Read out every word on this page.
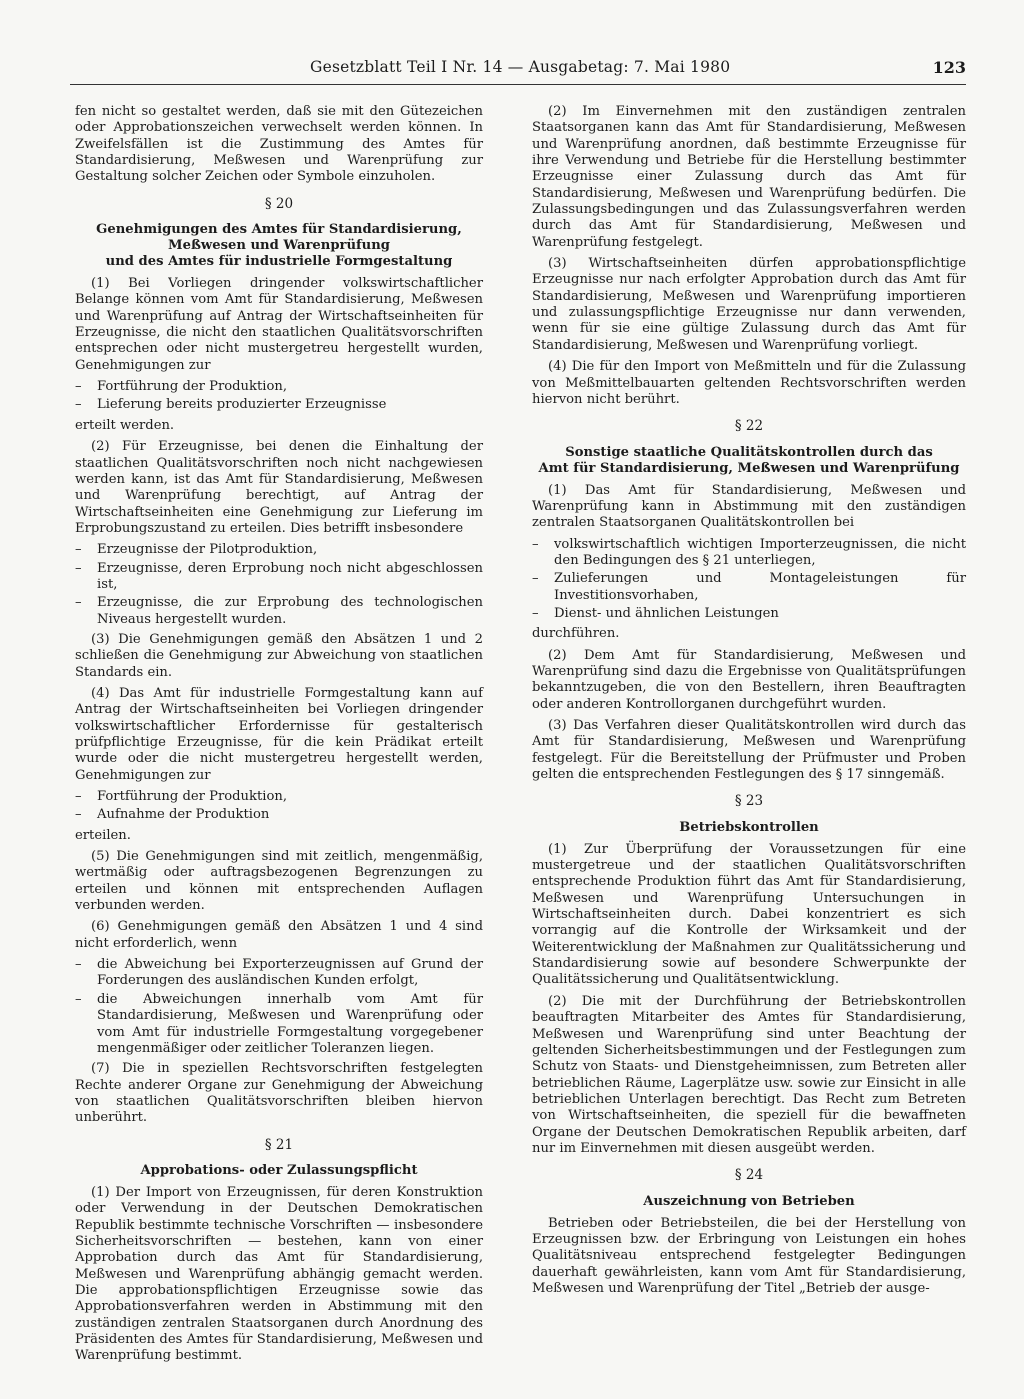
Gesetzblatt Teil I Nr. 14 — Ausgabetag: 7. Mai 1980	123

fen nicht so gestaltet werden, daß sie mit den Gütezeichen oder Approbationszeichen verwechselt werden können. In Zweifelsfällen ist die Zustimmung des Amtes für Standardisierung, Meßwesen und Warenprüfung zur Gestaltung solcher Zeichen oder Symbole einzuholen.

§ 20
Genehmigungen des Amtes für Standardisierung,
Meßwesen und Warenprüfung
und des Amtes für industrielle Formgestaltung

(1) Bei Vorliegen dringender volkswirtschaftlicher Belange können vom Amt für Standardisierung, Meßwesen und Warenprüfung auf Antrag der Wirtschaftseinheiten für Erzeugnisse, die nicht den staatlichen Qualitätsvorschriften entsprechen oder nicht mustergetreu hergestellt wurden, Genehmigungen zur

– Fortführung der Produktion,
– Lieferung bereits produzierter Erzeugnisse

erteilt werden.

(2) Für Erzeugnisse, bei denen die Einhaltung der staatlichen Qualitätsvorschriften noch nicht nachgewiesen werden kann, ist das Amt für Standardisierung, Meßwesen und Warenprüfung berechtigt, auf Antrag der Wirtschaftseinheiten eine Genehmigung zur Lieferung im Erprobungszustand zu erteilen. Dies betrifft insbesondere

– Erzeugnisse der Pilotproduktion,
– Erzeugnisse, deren Erprobung noch nicht abgeschlossen ist,
– Erzeugnisse, die zur Erprobung des technologischen Niveaus hergestellt wurden.

(3) Die Genehmigungen gemäß den Absätzen 1 und 2 schließen die Genehmigung zur Abweichung von staatlichen Standards ein.

(4) Das Amt für industrielle Formgestaltung kann auf Antrag der Wirtschaftseinheiten bei Vorliegen dringender volkswirtschaftlicher Erfordernisse für gestalterisch prüfpflichtige Erzeugnisse, für die kein Prädikat erteilt wurde oder die nicht mustergetreu hergestellt werden, Genehmigungen zur

– Fortführung der Produktion,
– Aufnahme der Produktion

erteilen.

(5) Die Genehmigungen sind mit zeitlich, mengenmäßig, wertmäßig oder auftragsbezogenen Begrenzungen zu erteilen und können mit entsprechenden Auflagen verbunden werden.

(6) Genehmigungen gemäß den Absätzen 1 und 4 sind nicht erforderlich, wenn

– die Abweichung bei Exporterzeugnissen auf Grund der Forderungen des ausländischen Kunden erfolgt,
– die Abweichungen innerhalb vom Amt für Standardisierung, Meßwesen und Warenprüfung oder vom Amt für industrielle Formgestaltung vorgegebener mengenmäßiger oder zeitlicher Toleranzen liegen.

(7) Die in speziellen Rechtsvorschriften festgelegten Rechte anderer Organe zur Genehmigung der Abweichung von staatlichen Qualitätsvorschriften bleiben hiervon unberührt.

§ 21
Approbations- oder Zulassungspflicht

(1) Der Import von Erzeugnissen, für deren Konstruktion oder Verwendung in der Deutschen Demokratischen Republik bestimmte technische Vorschriften — insbesondere Sicherheitsvorschriften — bestehen, kann von einer Approbation durch das Amt für Standardisierung, Meßwesen und Warenprüfung abhängig gemacht werden. Die approbationspflichtigen Erzeugnisse sowie das Approbationsverfahren werden in Abstimmung mit den zuständigen zentralen Staatsorganen durch Anordnung des Präsidenten des Amtes für Standardisierung, Meßwesen und Warenprüfung bestimmt.

(2) Im Einvernehmen mit den zuständigen zentralen Staatsorganen kann das Amt für Standardisierung, Meßwesen und Warenprüfung anordnen, daß bestimmte Erzeugnisse für ihre Verwendung und Betriebe für die Herstellung bestimmter Erzeugnisse einer Zulassung durch das Amt für Standardisierung, Meßwesen und Warenprüfung bedürfen. Die Zulassungsbedingungen und das Zulassungsverfahren werden durch das Amt für Standardisierung, Meßwesen und Warenprüfung festgelegt.

(3) Wirtschaftseinheiten dürfen approbationspflichtige Erzeugnisse nur nach erfolgter Approbation durch das Amt für Standardisierung, Meßwesen und Warenprüfung importieren und zulassungspflichtige Erzeugnisse nur dann verwenden, wenn für sie eine gültige Zulassung durch das Amt für Standardisierung, Meßwesen und Warenprüfung vorliegt.

(4) Die für den Import von Meßmitteln und für die Zulassung von Meßmittelbauarten geltenden Rechtsvorschriften werden hiervon nicht berührt.

§ 22
Sonstige staatliche Qualitätskontrollen durch das
Amt für Standardisierung, Meßwesen und Warenprüfung

(1) Das Amt für Standardisierung, Meßwesen und Warenprüfung kann in Abstimmung mit den zuständigen zentralen Staatsorganen Qualitätskontrollen bei

– volkswirtschaftlich wichtigen Importerzeugnissen, die nicht den Bedingungen des § 21 unterliegen,
– Zulieferungen und Montageleistungen für Investitionsvorhaben,
– Dienst- und ähnlichen Leistungen

durchführen.

(2) Dem Amt für Standardisierung, Meßwesen und Warenprüfung sind dazu die Ergebnisse von Qualitätsprüfungen bekanntzugeben, die von den Bestellern, ihren Beauftragten oder anderen Kontrollorganen durchgeführt wurden.

(3) Das Verfahren dieser Qualitätskontrollen wird durch das Amt für Standardisierung, Meßwesen und Warenprüfung festgelegt. Für die Bereitstellung der Prüfmuster und Proben gelten die entsprechenden Festlegungen des § 17 sinngemäß.

§ 23
Betriebskontrollen

(1) Zur Überprüfung der Voraussetzungen für eine mustergetreue und der staatlichen Qualitätsvorschriften entsprechende Produktion führt das Amt für Standardisierung, Meßwesen und Warenprüfung Untersuchungen in Wirtschaftseinheiten durch. Dabei konzentriert es sich vorrangig auf die Kontrolle der Wirksamkeit und der Weiterentwicklung der Maßnahmen zur Qualitätssicherung und Standardisierung sowie auf besondere Schwerpunkte der Qualitätssicherung und Qualitätsentwicklung.

(2) Die mit der Durchführung der Betriebskontrollen beauftragten Mitarbeiter des Amtes für Standardisierung, Meßwesen und Warenprüfung sind unter Beachtung der geltenden Sicherheitsbestimmungen und der Festlegungen zum Schutz von Staats- und Dienstgeheimnissen, zum Betreten aller betrieblichen Räume, Lagerplätze usw. sowie zur Einsicht in alle betrieblichen Unterlagen berechtigt. Das Recht zum Betreten von Wirtschaftseinheiten, die speziell für die bewaffneten Organe der Deutschen Demokratischen Republik arbeiten, darf nur im Einvernehmen mit diesen ausgeübt werden.

§ 24
Auszeichnung von Betrieben

Betrieben oder Betriebsteilen, die bei der Herstellung von Erzeugnissen bzw. der Erbringung von Leistungen ein hohes Qualitätsniveau entsprechend festgelegter Bedingungen dauerhaft gewährleisten, kann vom Amt für Standardisierung, Meßwesen und Warenprüfung der Titel „Betrieb der ausge-
